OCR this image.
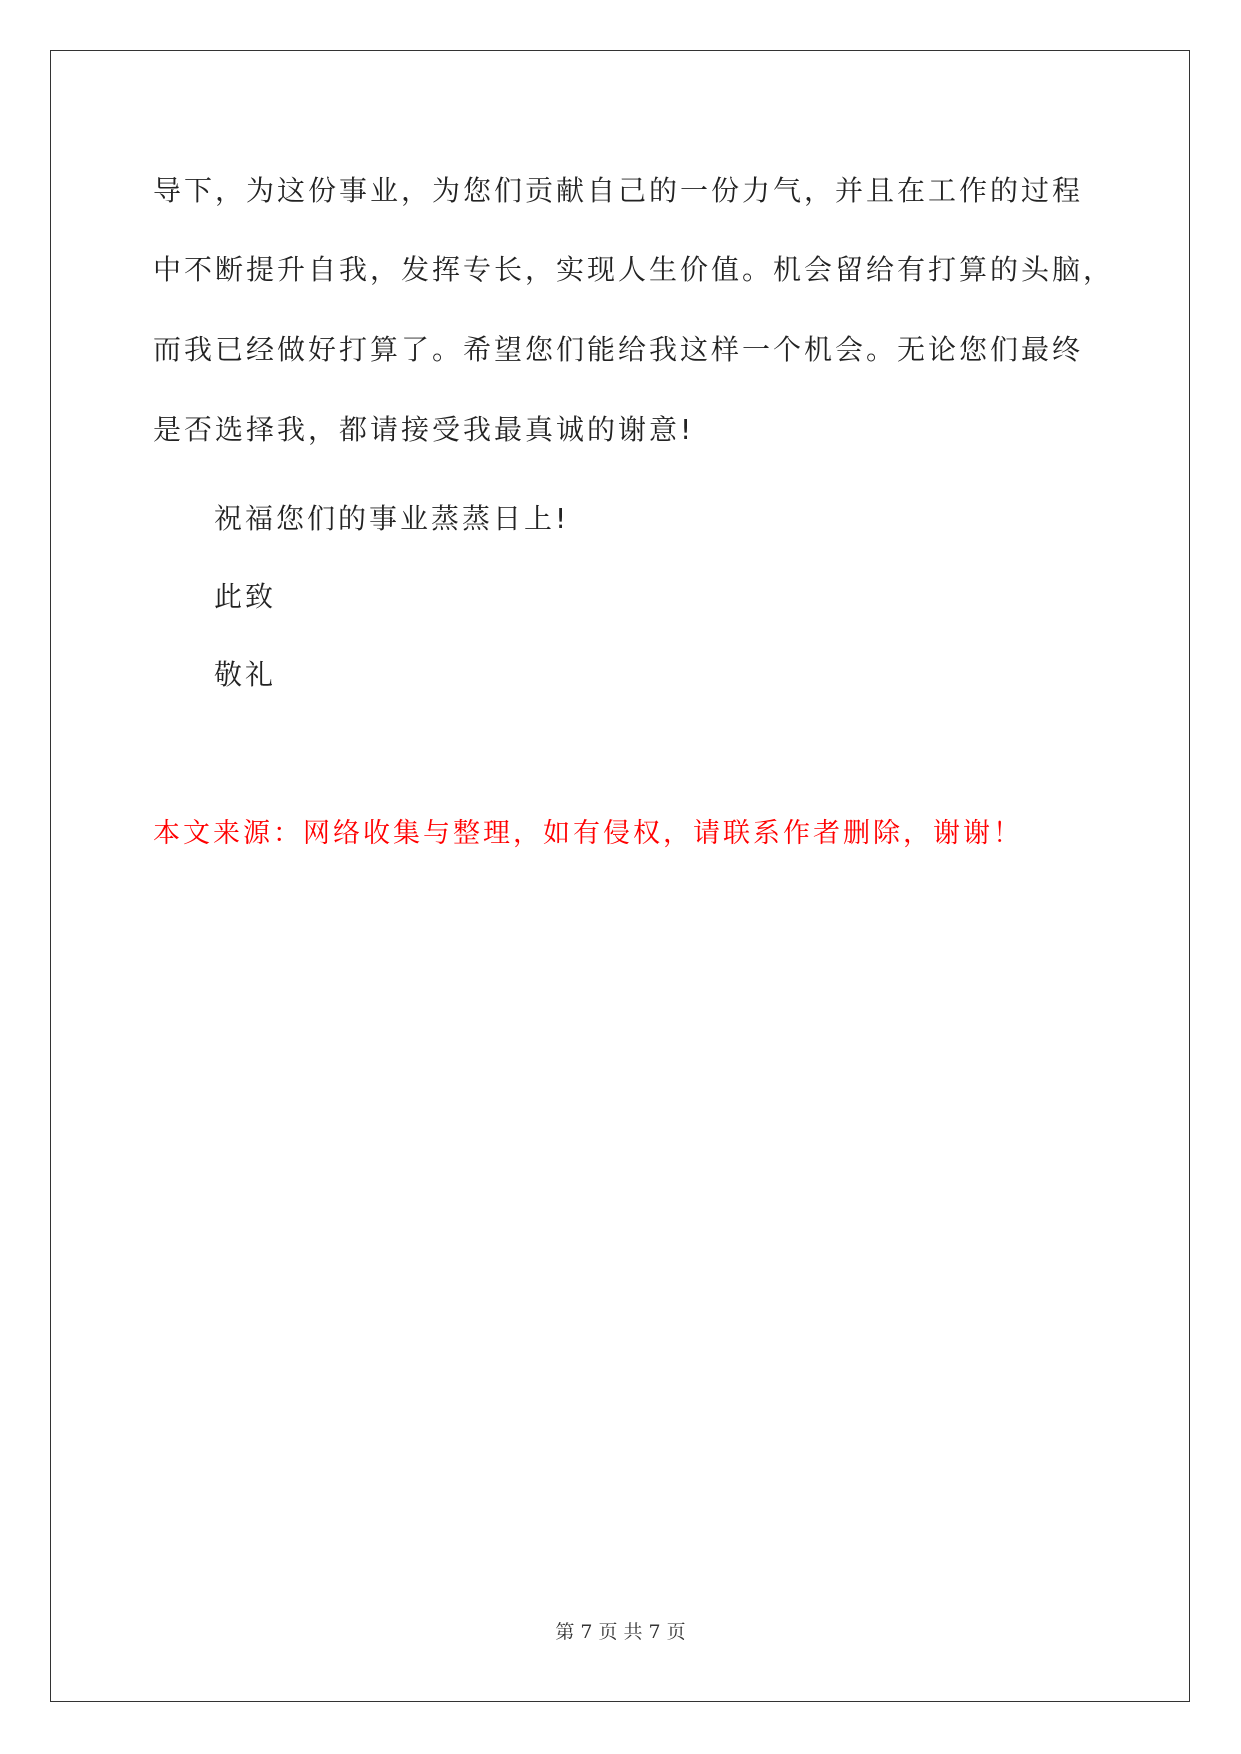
导下，为这份事业，为您们贡献自己的一份力气，并且在工作的过程
中不断提升自我，发挥专长，实现人生价值。机会留给有打算的头脑，
而我已经做好打算了。希望您们能给我这样一个机会。无论您们最终
是否选择我，都请接受我最真诚的谢意!
祝福您们的事业蒸蒸日上!
此致
敬礼
本文来源：网络收集与整理，如有侵权，请联系作者删除，谢谢！
第 7 页 共 7 页
